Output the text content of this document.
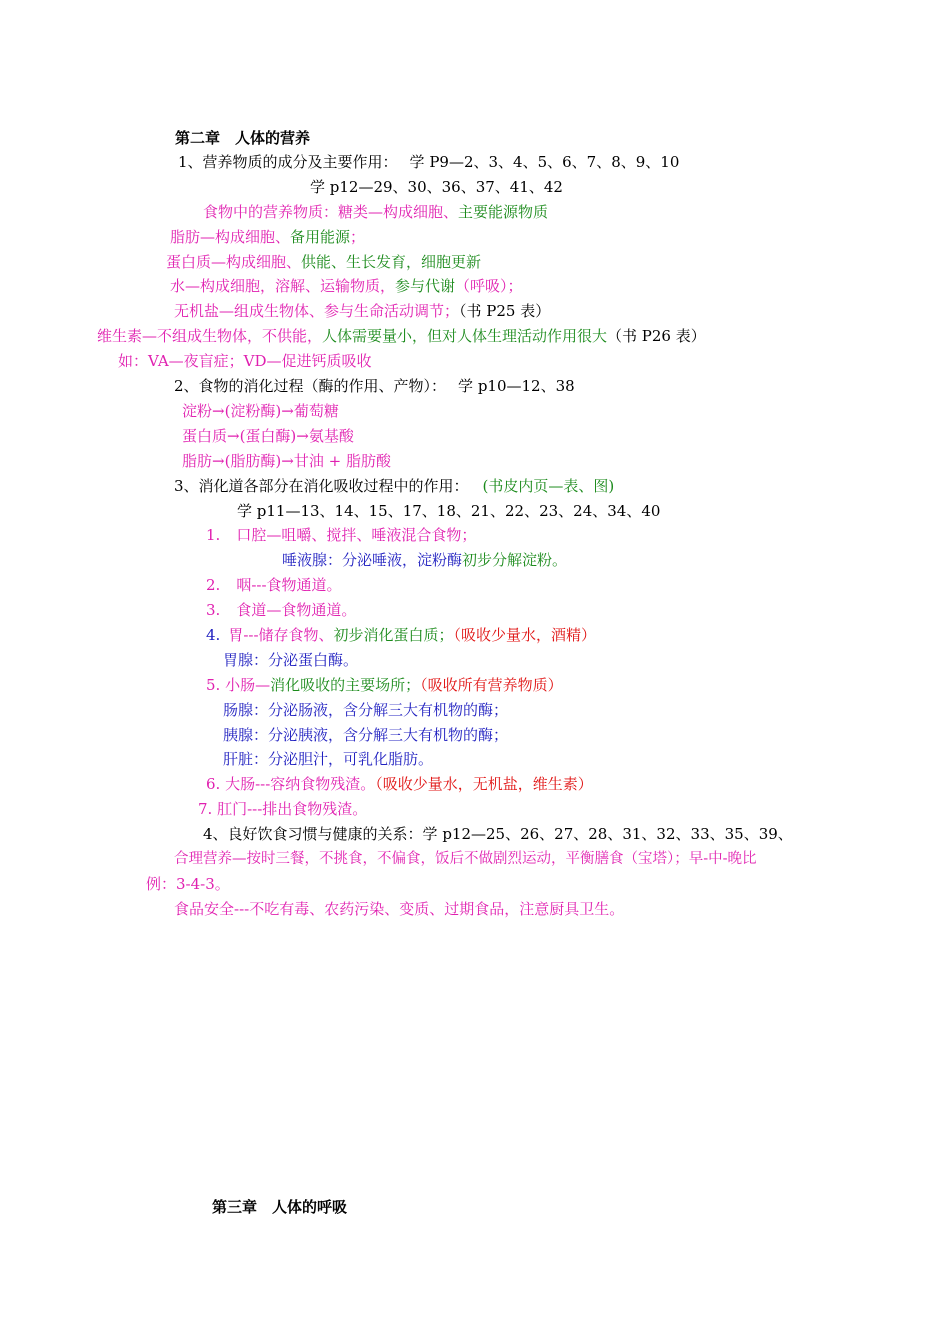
第二章　人体的营养
1、营养物质的成分及主要作用： 学 P9—2、3、4、5、6、7、8、9、10
学 p12—29、30、36、37、41、42
食物中的营养物质：糖类—构成细胞、主要能源物质
脂肪—构成细胞、备用能源；
蛋白质—构成细胞、供能、生长发育，细胞更新
水—构成细胞，溶解、运输物质，参与代谢（呼吸）；
无机盐—组成生物体、参与生命活动调节；（书 P25 表）
维生素—不组成生物体，不供能，人体需要量小，但对人体生理活动作用很大（书 P26 表）
如：VA—夜盲症；VD—促进钙质吸收
2、食物的消化过程（酶的作用、产物）： 学 p10—12、38
淀粉→(淀粉酶)→葡萄糖
蛋白质→(蛋白酶)→氨基酸
脂肪→(脂肪酶)→甘油 + 脂肪酸
3、消化道各部分在消化吸收过程中的作用： (书皮内页—表、图)
学 p11—13、14、15、17、18、21、22、23、24、34、40
1. 口腔—咀嚼、搅拌、唾液混合食物；
唾液腺：分泌唾液，淀粉酶初步分解淀粉。
2. 咽---食物通道。
3. 食道—食物通道。
4. 胃---储存食物、初步消化蛋白质；（吸收少量水，酒精）
胃腺：分泌蛋白酶。
5. 小肠—消化吸收的主要场所；（吸收所有营养物质）
肠腺：分泌肠液，含分解三大有机物的酶；
胰腺：分泌胰液，含分解三大有机物的酶；
肝脏：分泌胆汁，可乳化脂肪。
6. 大肠---容纳食物残渣。（吸收少量水，无机盐，维生素）
7. 肛门---排出食物残渣。
4、良好饮食习惯与健康的关系：学 p12—25、26、27、28、31、32、33、35、39、
合理营养—按时三餐，不挑食，不偏食，饭后不做剧烈运动，平衡膳食（宝塔）；早-中-晚比
例：3-4-3。
食品安全---不吃有毒、农药污染、变质、过期食品，注意厨具卫生。
第三章　人体的呼吸
